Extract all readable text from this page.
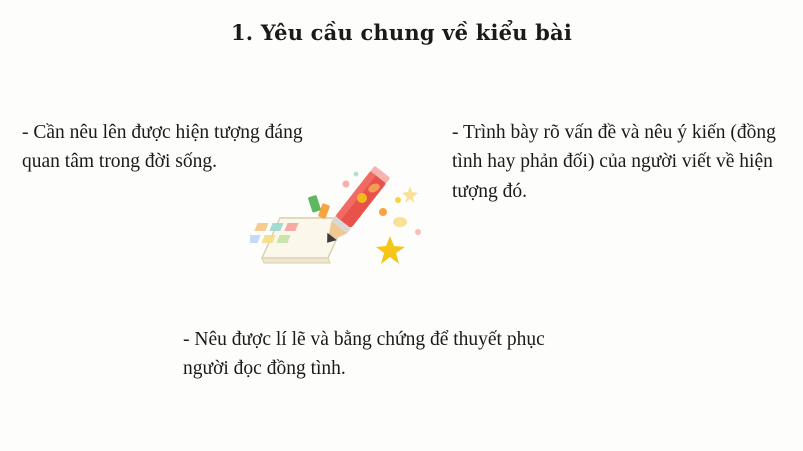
1. Yêu cầu chung về kiểu bài
- Cần nêu lên được hiện tượng đáng quan tâm trong đời sống.
- Trình bày rõ vấn đề và nêu ý kiến (đồng tình hay phản đối) của người viết về hiện tượng đó.
- Nêu được lí lẽ và bằng chứng để thuyết phục người đọc đồng tình.
